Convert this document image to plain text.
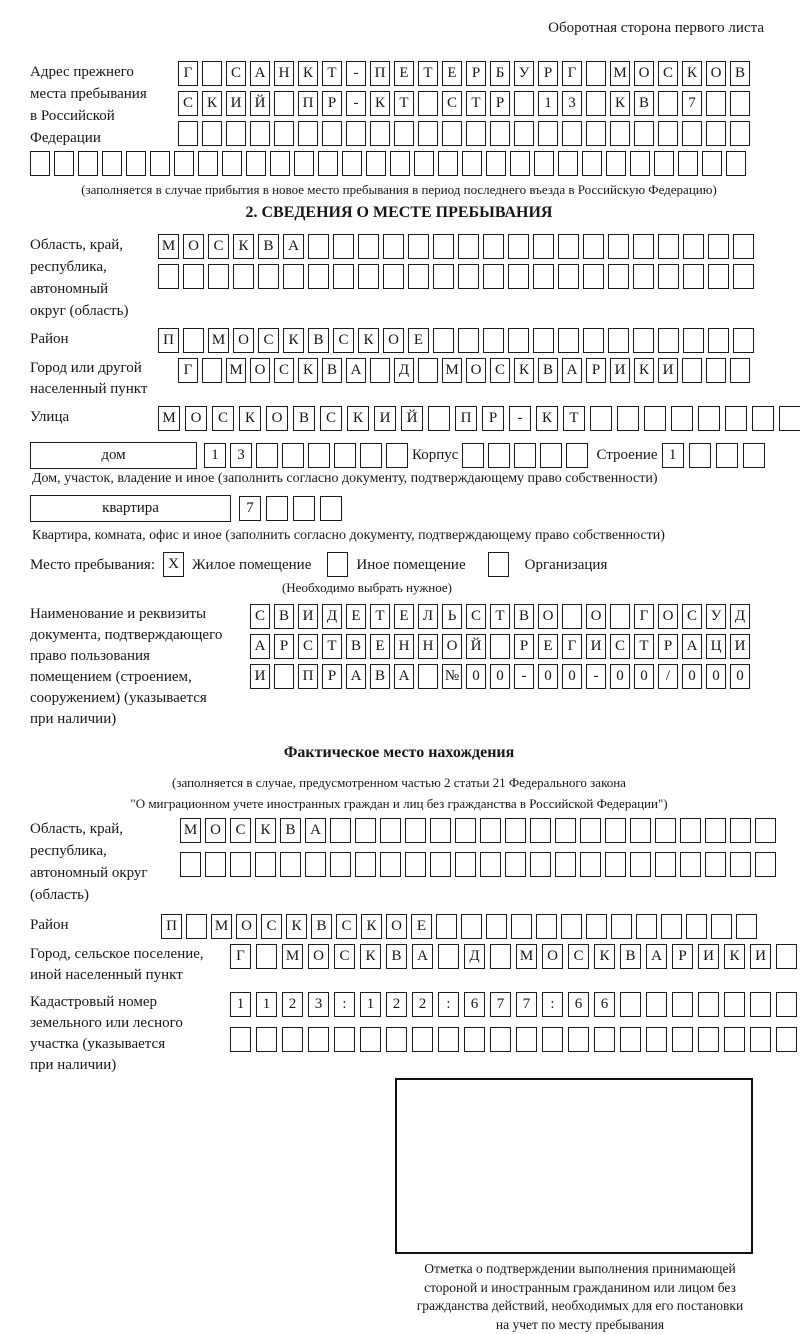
Оборотная сторона первого листа
Адрес прежнего
места пребывания
в Российской
Федерации
Г	С А Н К Т	-	П Е Т Е	Р	Б У Р	Г	М О С К О В
С К И Й	П Р	-	К Т	С Т	Р	1	3	К В	7
(заполняется в случае прибытия в новое место пребывания в период последнего въезда в Российскую Федерацию)
2. СВЕДЕНИЯ О МЕСТЕ ПРЕБЫВАНИЯ
Область, край,
республика,
автономный
округ (область)
М О С К В А
Район	П	М О С К В С К О Е
Город или другой
населенный пункт
Г	М О С К В А	Д	М О С К В А Р И К И
Улица	М О	С	К	О	В	С	К	И	Й	П	Р	-	К	Т
дом	1	3	Корпус	Строение 1
Дом, участок, владение и иное (заполнить согласно документу, подтверждающему право собственности)
квартира	7
Квартира, комната, офис и иное (заполнить согласно документу, подтверждающему право собственности)
Место пребывания: X Жилое помещение	Иное помещение	Организация
(Необходимо выбрать нужное)
Наименование и реквизиты
документа, подтверждающего
право пользования
помещением (строением,
сооружением) (указывается
при наличии)
С В И Д Е Т Е Л Ь С Т В О	О	Г О С У Д
А Р С Т В Е Н Н О Й	Р	Е	Г И С Т	Р А Ц И
И	П Р А В А	№ 0	0	-	0	0	-	0	0	/	0	0	0
Фактическое место нахождения
(заполняется в случае, предусмотренном частью 2 статьи 21 Федерального закона
"О миграционном учете иностранных граждан и лиц без гражданства в Российской Федерации")
Область, край,
республика,
автономный округ
(область)
М О С К В А
Район	П	М О С К В С К О Е
Город, сельское поселение,
иной населенный пункт
Г	М О	С	К	В	А	Д	М О	С	К	В	А	Р	И	К	И
Кадастровый номер
земельного или лесного
участка (указывается
при наличии)
1	1	2	3	:	1	2	2	:	6	7	7	:	6	6
Отметка о подтверждении выполнения принимающей стороной и иностранным гражданином или лицом без гражданства действий, необходимых для его постановки на учет по месту пребывания
